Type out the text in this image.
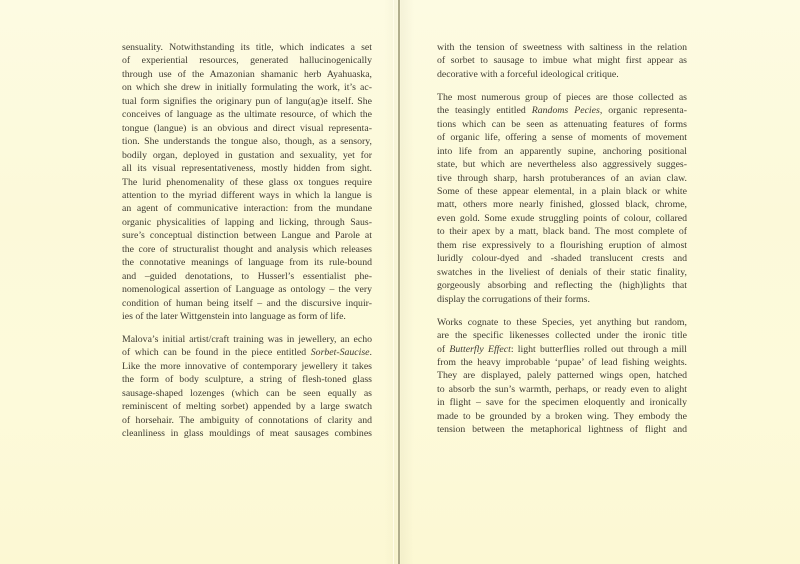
sensuality. Notwithstanding its title, which indicates a set
of experiential resources, generated hallucinogenically
through use of the Amazonian shamanic herb Ayahuaska,
on which she drew in initially formulating the work, it’s ac-
tual form signifies the originary pun of langu(ag)e itself. She
conceives of language as the ultimate resource, of which the
tongue (langue) is an obvious and direct visual representa-
tion. She understands the tongue also, though, as a sensory,
bodily organ, deployed in gustation and sexuality, yet for
all its visual representativeness, mostly hidden from sight.
The lurid phenomenality of these glass ox tongues require
attention to the myriad different ways in which la langue is
an agent of communicative interaction: from the mundane
organic physicalities of lapping and licking, through Saus-
sure’s conceptual distinction between Langue and Parole at
the core of structuralist thought and analysis which releases
the connotative meanings of language from its rule-bound
and –guided denotations, to Husserl’s essentialist phe-
nomenological assertion of Language as ontology – the very
condition of human being itself – and the discursive inquir-
ies of the later Wittgenstein into language as form of life.
Malova’s initial artist/craft training was in jewellery, an echo
of which can be found in the piece entitled Sorbet-Saucise.
Like the more innovative of contemporary jewellery it takes
the form of body sculpture, a string of flesh-toned glass
sausage-shaped lozenges (which can be seen equally as
reminiscent of melting sorbet) appended by a large swatch
of horsehair. The ambiguity of connotations of clarity and
cleanliness in glass mouldings of meat sausages combines
with the tension of sweetness with saltiness in the relation
of sorbet to sausage to imbue what might first appear as
decorative with a forceful ideological critique.
The most numerous group of pieces are those collected as
the teasingly entitled Randoms Pecies, organic representa-
tions which can be seen as attenuating features of forms
of organic life, offering a sense of moments of movement
into life from an apparently supine, anchoring positional
state, but which are nevertheless also aggressively sugges-
tive through sharp, harsh protuberances of an avian claw.
Some of these appear elemental, in a plain black or white
matt, others more nearly finished, glossed black, chrome,
even gold. Some exude struggling points of colour, collared
to their apex by a matt, black band. The most complete of
them rise expressively to a flourishing eruption of almost
luridly colour-dyed and -shaded translucent crests and
swatches in the liveliest of denials of their static finality,
gorgeously absorbing and reflecting the (high)lights that
display the corrugations of their forms.
Works cognate to these Species, yet anything but random,
are the specific likenesses collected under the ironic title
of Butterfly Effect: light butterflies rolled out through a mill
from the heavy improbable ‘pupae’ of lead fishing weights.
They are displayed, palely patterned wings open, hatched
to absorb the sun’s warmth, perhaps, or ready even to alight
in flight – save for the specimen eloquently and ironically
made to be grounded by a broken wing. They embody the
tension between the metaphorical lightness of flight and
